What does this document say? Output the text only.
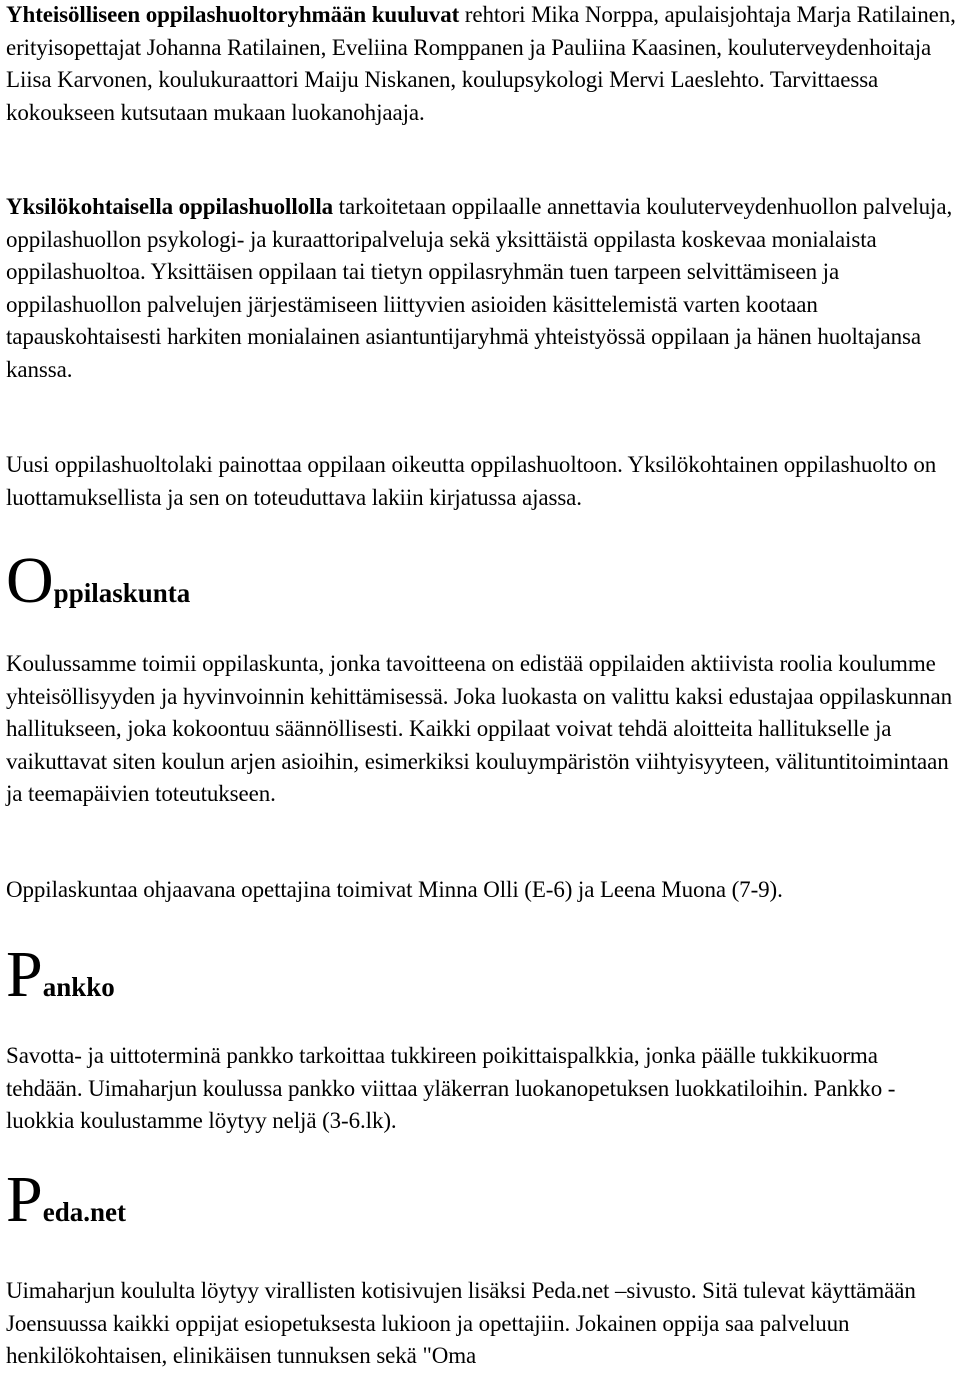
Yhteisölliseen oppilashuoltoryhmään kuuluvat rehtori Mika Norppa, apulaisjohtaja Marja Ratilainen, erityisopettajat Johanna Ratilainen, Eveliina Romppanen ja Pauliina Kaasinen, kouluterveydenhoitaja Liisa Karvonen, koulukuraattori Maiju Niskanen, koulupsykologi Mervi Laeslehto. Tarvittaessa kokoukseen kutsutaan mukaan luokanohjaaja.

Yksilökohtaisella oppilashuollolla tarkoitetaan oppilaalle annettavia kouluterveydenhuollon palveluja, oppilashuollon psykologi- ja kuraattoripalveluja sekä yksittäistä oppilasta koskevaa monialaista oppilashuoltoa. Yksittäisen oppilaan tai tietyn oppilasryhmän tuen tarpeen selvittämiseen ja oppilashuollon palvelujen järjestämiseen liittyvien asioiden käsittelemistä varten kootaan tapauskohtaisesti harkiten monialainen asiantuntijaryhmä yhteistyössä oppilaan ja hänen huoltajansa kanssa.

Uusi oppilashuoltolaki painottaa oppilaan oikeutta oppilashuoltoon. Yksilökohtainen oppilashuolto on luottamuksellista ja sen on toteuduttava lakiin kirjatussa ajassa.

Oppilaskunta

Koulussamme toimii oppilaskunta, jonka tavoitteena on edistää oppilaiden aktiivista roolia koulumme yhteisöllisyyden ja hyvinvoinnin kehittämisessä. Joka luokasta on valittu kaksi edustajaa oppilaskunnan hallitukseen, joka kokoontuu säännöllisesti. Kaikki oppilaat voivat tehdä aloitteita hallitukselle ja vaikuttavat siten koulun arjen asioihin, esimerkiksi kouluympäristön viihtyisyyteen, välituntitoimintaan ja teemapäivien toteutukseen.

Oppilaskuntaa ohjaavana opettajina toimivat Minna Olli (E-6) ja Leena Muona (7-9).

Pankko

Savotta- ja uittoterminä pankko tarkoittaa tukkireen poikittaispalkkia, jonka päälle tukkikuorma tehdään. Uimaharjun koulussa pankko viittaa yläkerran luokanopetuksen luokkatiloihin. Pankko -luokkia koulustamme löytyy neljä (3-6.lk).

Peda.net

Uimaharjun koululta löytyy virallisten kotisivujen lisäksi Peda.net –sivusto. Sitä tulevat käyttämään Joensuussa kaikki oppijat esiopetuksesta lukioon ja opettajiin. Jokainen oppija saa palveluun henkilökohtaisen, elinikäisen tunnuksen sekä "Oma
